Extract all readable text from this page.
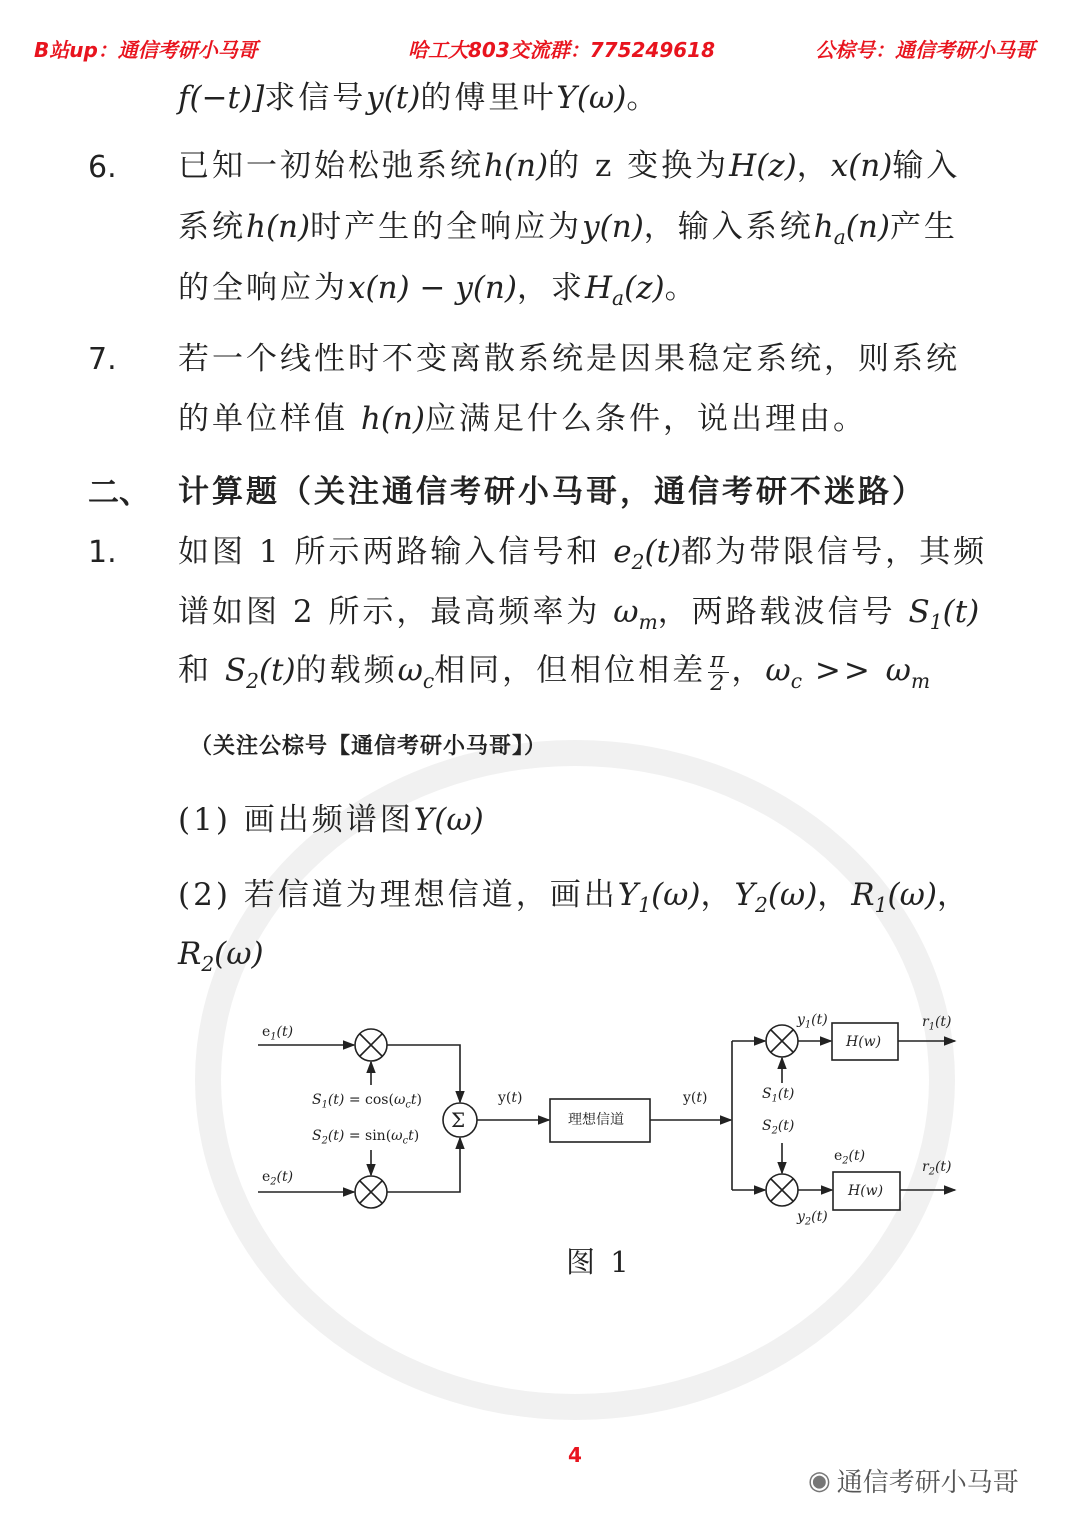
B站up：通信考研小马哥	哈工大803交流群：775249618	公棕号：通信考研小马哥
f(−t)]求信号y(t)的傅里叶Y(ω)。
6. 已知一初始松弛系统h(n)的 z 变换为H(z)，x(n)输入
系统h(n)时产生的全响应为y(n)，输入系统$h_a(n)$产生
的全响应为x(n) − y(n)，求$H_a(z)$。
7. 若一个线性时不变离散系统是因果稳定系统，则系统
的单位样值 h(n)应满足什么条件，说出理由。
二、 计算题（关注通信考研小马哥，通信考研不迷路）
1. 如图 1 所示两路输入信号和 $e_2(t)$都为带限信号，其频
谱如图 2 所示，最高频率为 $\omega_m$，两路载波信号 $S_1(t)$
和 $S_2(t)$的载频$\omega_c$相同，但相位相差 $\frac{\pi}{2}$ ，$\omega_c >> \omega_m$
（关注公棕号【通信考研小马哥】）
(1) 画出频谱图Y(ω)
(2) 若信道为理想信道，画出$Y_1(\omega)$，$Y_2(\omega)$，$R_1(\omega)$，
$R_2(\omega)$
$e_1(t)$
$S_1(t) = \cos(\omega_ct)$
$S_2(t) = \sin(\omega_ct)$
$e_2(t)$
Σ
y(t)
理想信道
y(t)
$y_1(t)$
$S_1(t)$
$S_2(t)$
$e_2(t)$
$y_2(t)$
$r_1(t)$
$r_2(t)$
H(w)
H(w)
图 1
4
◉ 通信考研小马哥
